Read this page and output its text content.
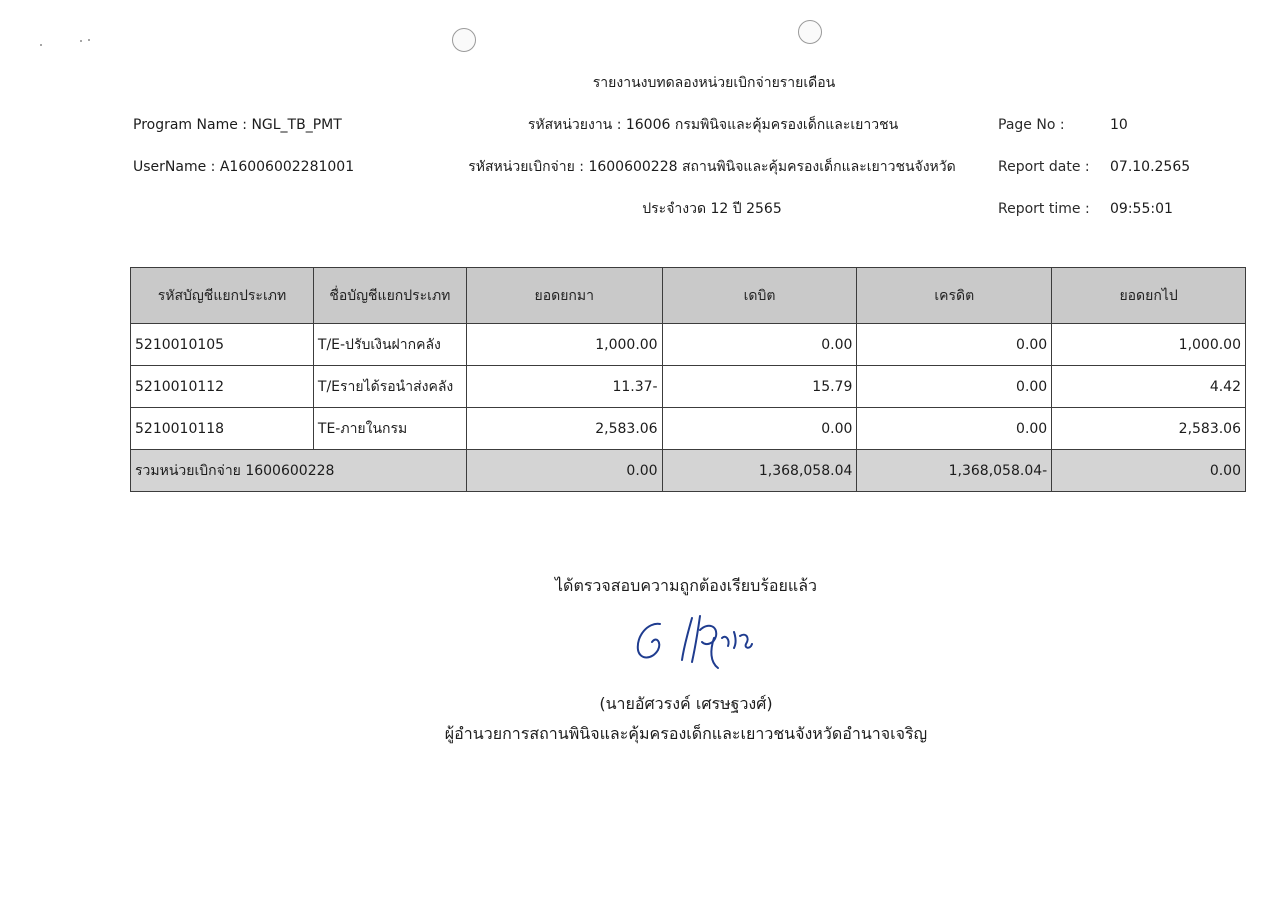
รายงานงบทดลองหน่วยเบิกจ่ายรายเดือน
Program Name : NGL_TB_PMT	รหัสหน่วยงาน : 16006 กรมพินิจและคุ้มครองเด็กและเยาวชน	Page No :	10
UserName : A16006002281001	รหัสหน่วยเบิกจ่าย : 1600600228 สถานพินิจและคุ้มครองเด็กและเยาวชนจังหวัด	Report date : 07.10.2565
ประจำงวด 12 ปี 2565	Report time : 09:55:01
รหัสบัญชีแยกประเภท	ชื่อบัญชีแยกประเภท	ยอดยกมา	เดบิต	เครดิต	ยอดยกไป
5210010105	T/E-ปรับเงินฝากคลัง	1,000.00	0.00	0.00	1,000.00
5210010112	T/Eรายได้รอนำส่งคลัง	11.37-	15.79	0.00	4.42
5210010118	TE-ภายในกรม	2,583.06	0.00	0.00	2,583.06
รวมหน่วยเบิกจ่าย 1600600228		0.00	1,368,058.04	1,368,058.04-	0.00
ได้ตรวจสอบความถูกต้องเรียบร้อยแล้ว
(นายอัศวรงค์ เศรษฐวงศ์)
ผู้อำนวยการสถานพินิจและคุ้มครองเด็กและเยาวชนจังหวัดอำนาจเจริญ
